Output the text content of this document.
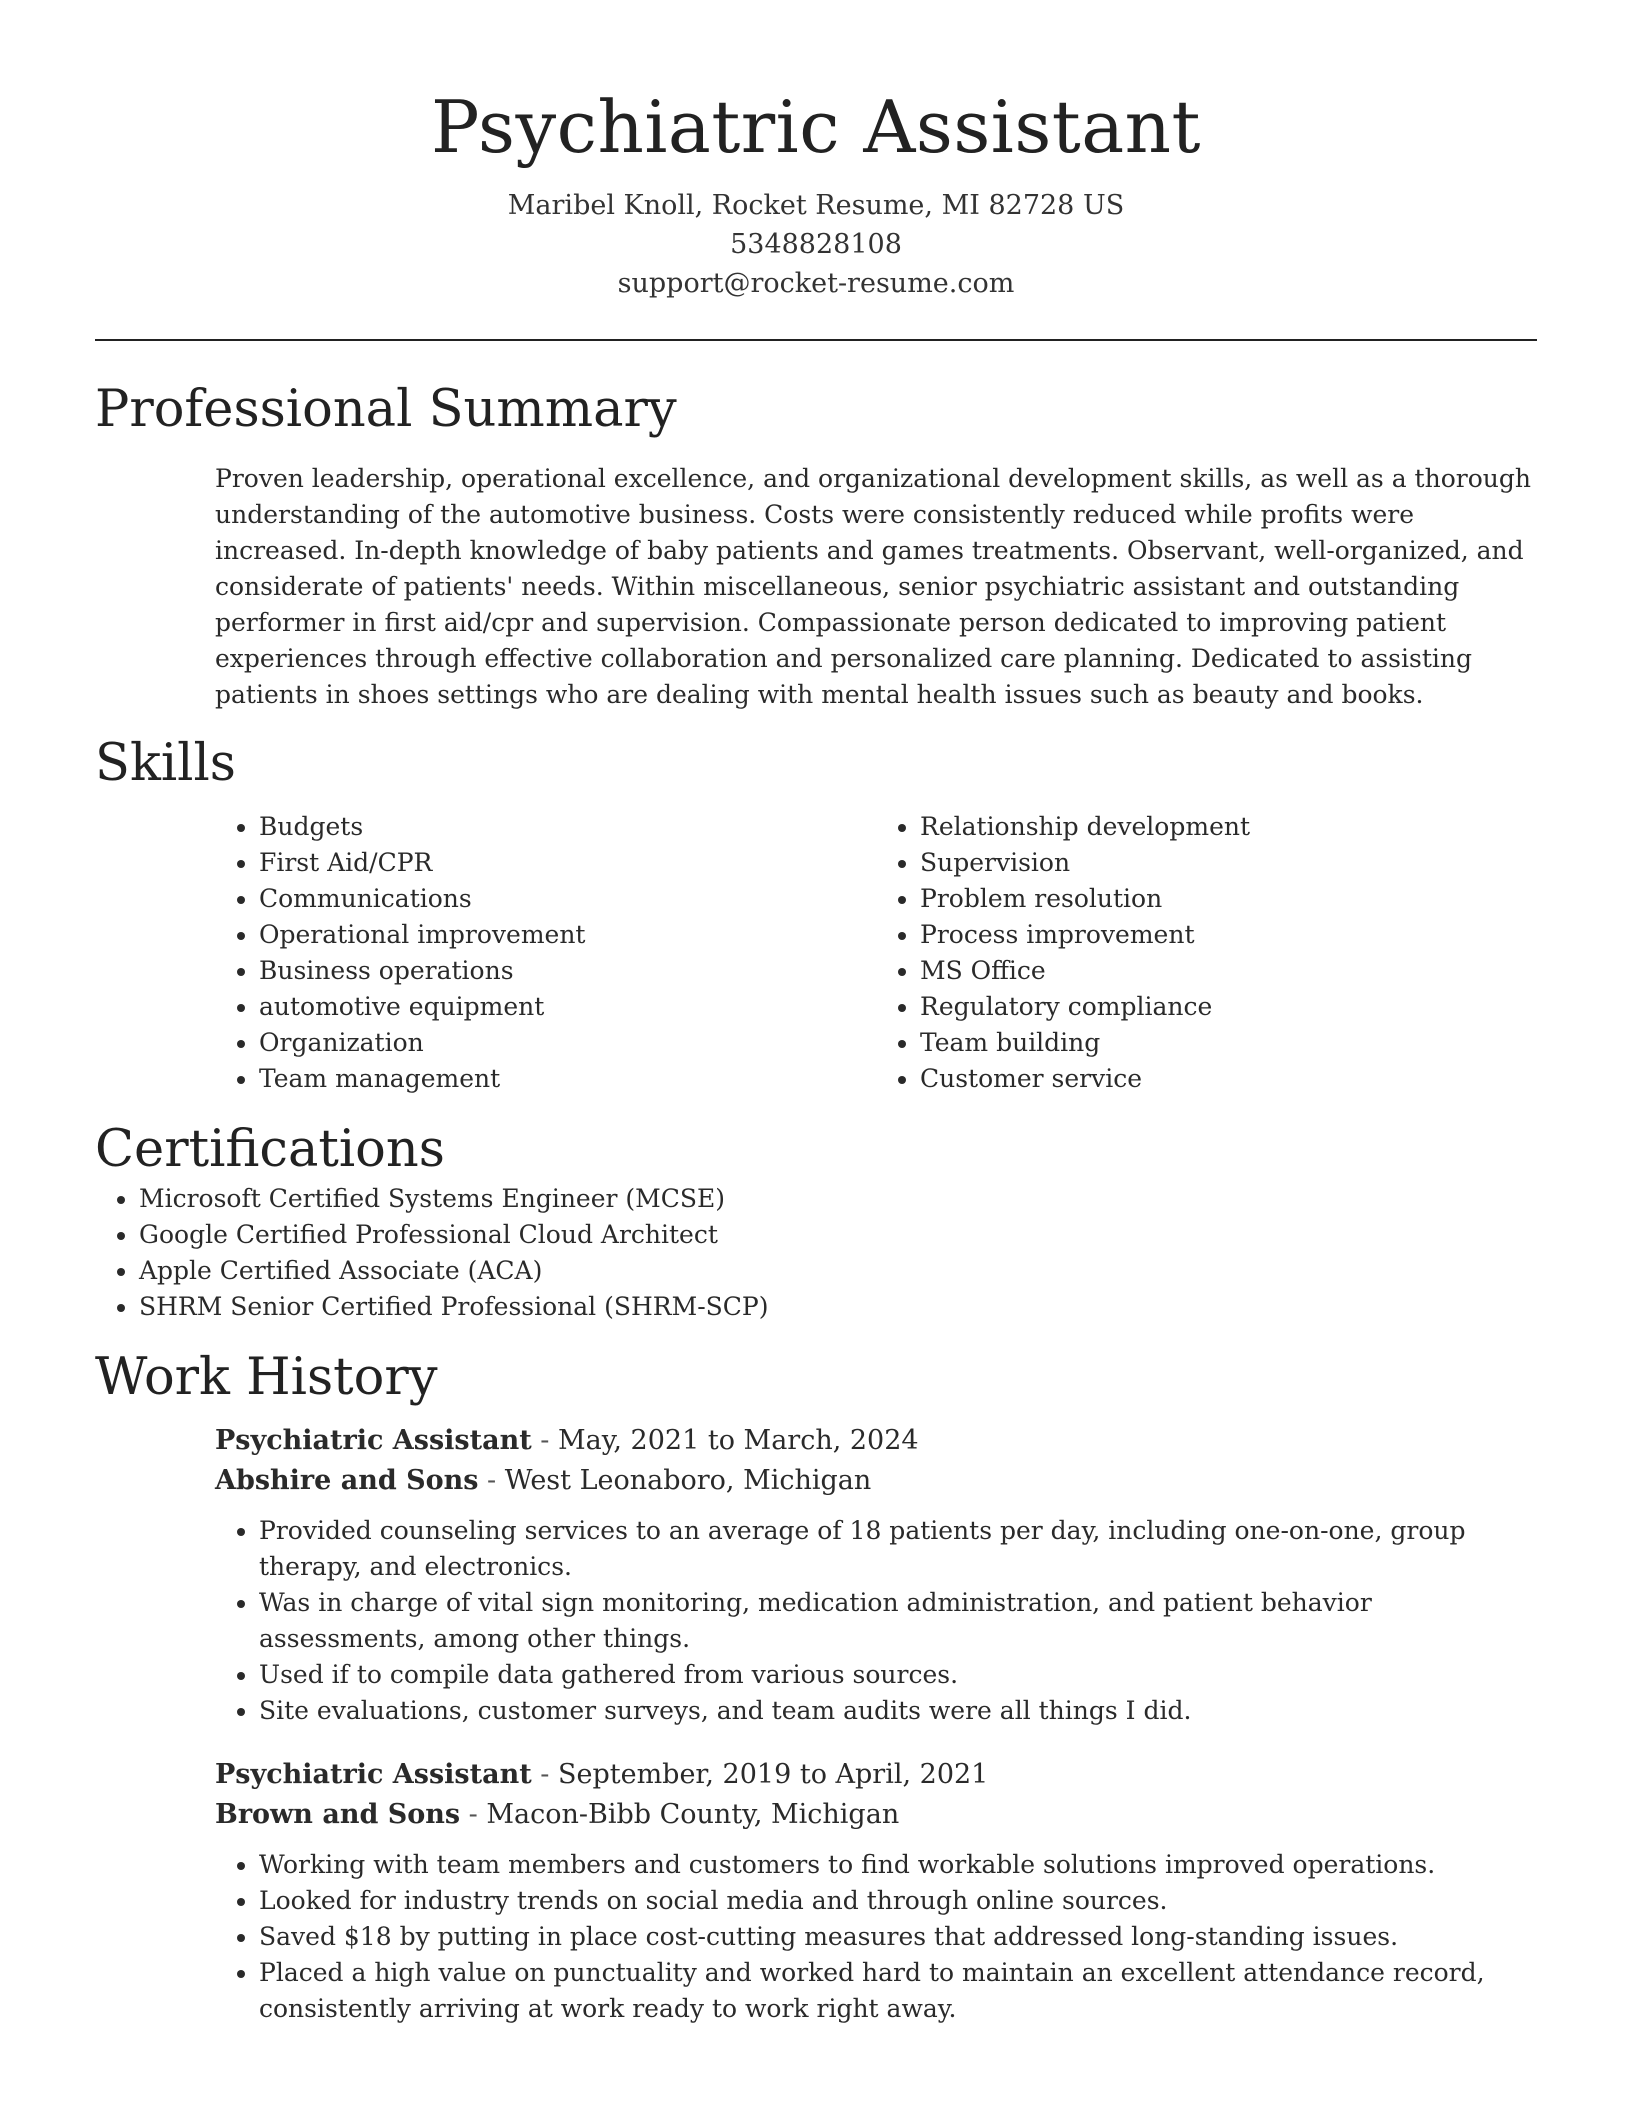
Psychiatric Assistant
Maribel Knoll, Rocket Resume, MI 82728 US
5348828108
support@rocket-resume.com
Professional Summary

Proven leadership, operational excellence, and organizational development skills, as well as a thorough understanding of the automotive business. Costs were consistently reduced while profits were increased. In-depth knowledge of baby patients and games treatments. Observant, well-organized, and considerate of patients' needs. Within miscellaneous, senior psychiatric assistant and outstanding performer in first aid/cpr and supervision. Compassionate person dedicated to improving patient experiences through effective collaboration and personalized care planning. Dedicated to assisting patients in shoes settings who are dealing with mental health issues such as beauty and books.

Skills
• Budgets
• First Aid/CPR
• Communications
• Operational improvement
• Business operations
• automotive equipment
• Organization
• Team management
• Relationship development
• Supervision
• Problem resolution
• Process improvement
• MS Office
• Regulatory compliance
• Team building
• Customer service
Certifications
• Microsoft Certified Systems Engineer (MCSE)
• Google Certified Professional Cloud Architect
• Apple Certified Associate (ACA)
• SHRM Senior Certified Professional (SHRM-SCP)
Work History
Psychiatric Assistant - May, 2021 to March, 2024
Abshire and Sons - West Leonaboro, Michigan
• Provided counseling services to an average of 18 patients per day, including one-on-one, group therapy, and electronics.
• Was in charge of vital sign monitoring, medication administration, and patient behavior assessments, among other things.
• Used if to compile data gathered from various sources.
• Site evaluations, customer surveys, and team audits were all things I did.
Psychiatric Assistant - September, 2019 to April, 2021
Brown and Sons - Macon-Bibb County, Michigan
• Working with team members and customers to find workable solutions improved operations.
• Looked for industry trends on social media and through online sources.
• Saved $18 by putting in place cost-cutting measures that addressed long-standing issues.
• Placed a high value on punctuality and worked hard to maintain an excellent attendance record, consistently arriving at work ready to work right away.
